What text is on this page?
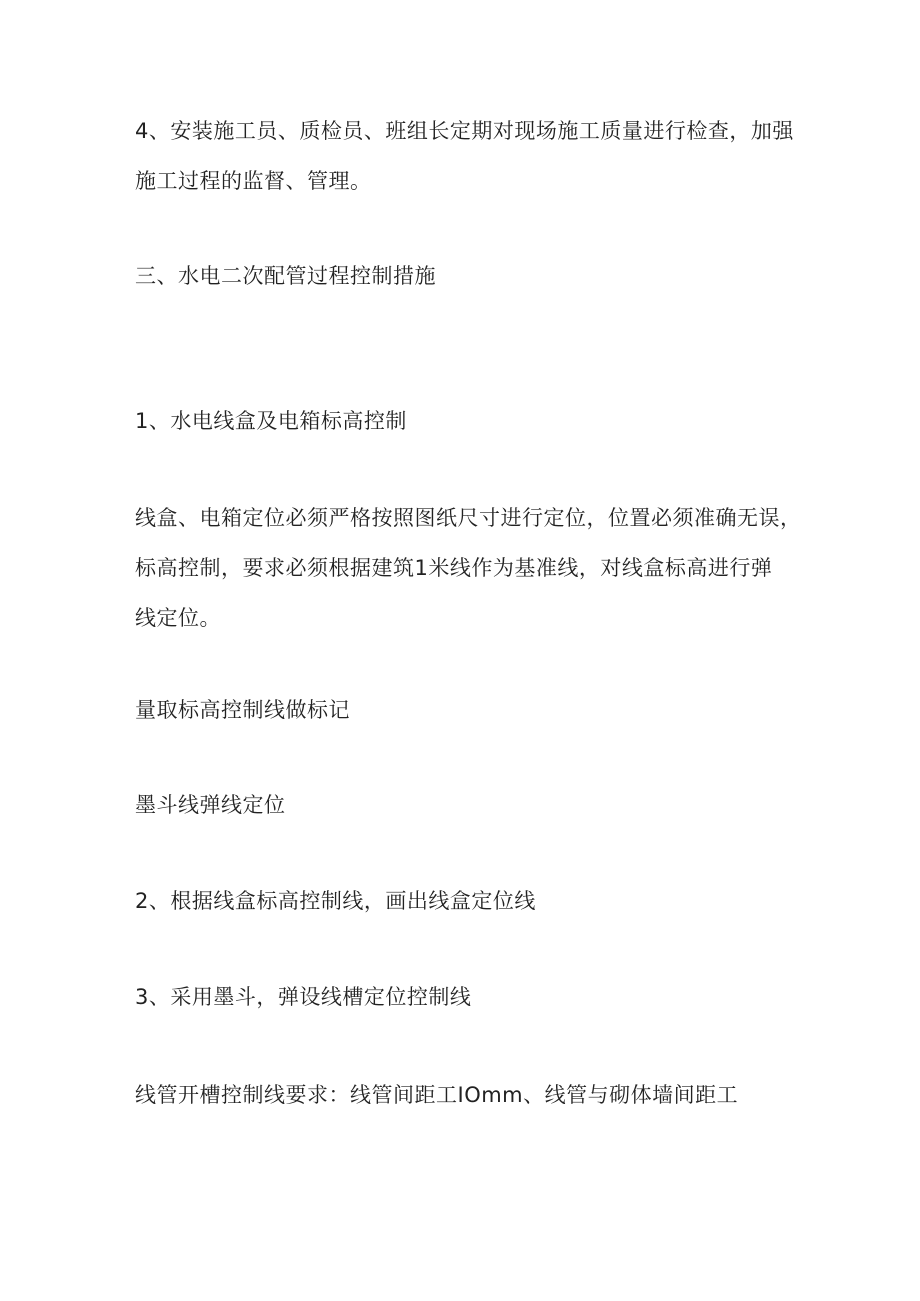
4、安装施工员、质检员、班组长定期对现场施工质量进行检查，加强
施工过程的监督、管理。
三、水电二次配管过程控制措施
1、水电线盒及电箱标高控制
线盒、电箱定位必须严格按照图纸尺寸进行定位，位置必须准确无误，
标高控制，要求必须根据建筑1米线作为基准线，对线盒标高进行弹
线定位。
量取标高控制线做标记
墨斗线弹线定位
2、根据线盒标高控制线，画出线盒定位线
3、采用墨斗，弹设线槽定位控制线
线管开槽控制线要求：线管间距工IOmm、线管与砌体墙间距工
